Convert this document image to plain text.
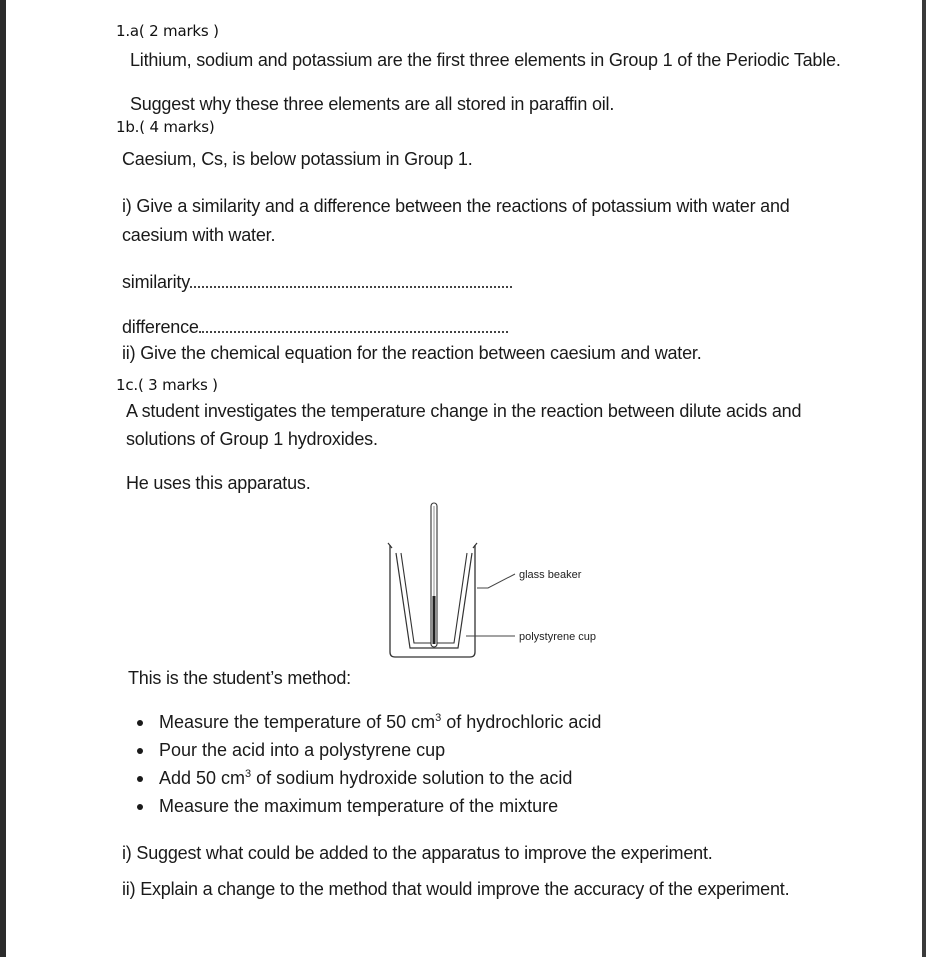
1.a( 2 marks )
Lithium, sodium and potassium are the first three elements in Group 1 of the Periodic Table.
Suggest why these three elements are all stored in paraffin oil.
1b.( 4 marks)
Caesium, Cs, is below potassium in Group 1.
i) Give a similarity and a difference between the reactions of potassium with water and
caesium with water.
similarity
difference
ii) Give the chemical equation for the reaction between caesium and water.
1c.( 3 marks )
A student investigates the temperature change in the reaction between dilute acids and
solutions of Group 1 hydroxides.
He uses this apparatus.
glass beaker
polystyrene cup
This is the student’s method:
Measure the temperature of 50 $cm^3$ of hydrochloric acid
Pour the acid into a polystyrene cup
Add 50 $cm^3$ of sodium hydroxide solution to the acid
Measure the maximum temperature of the mixture
i) Suggest what could be added to the apparatus to improve the experiment.
ii) Explain a change to the method that would improve the accuracy of the experiment.
